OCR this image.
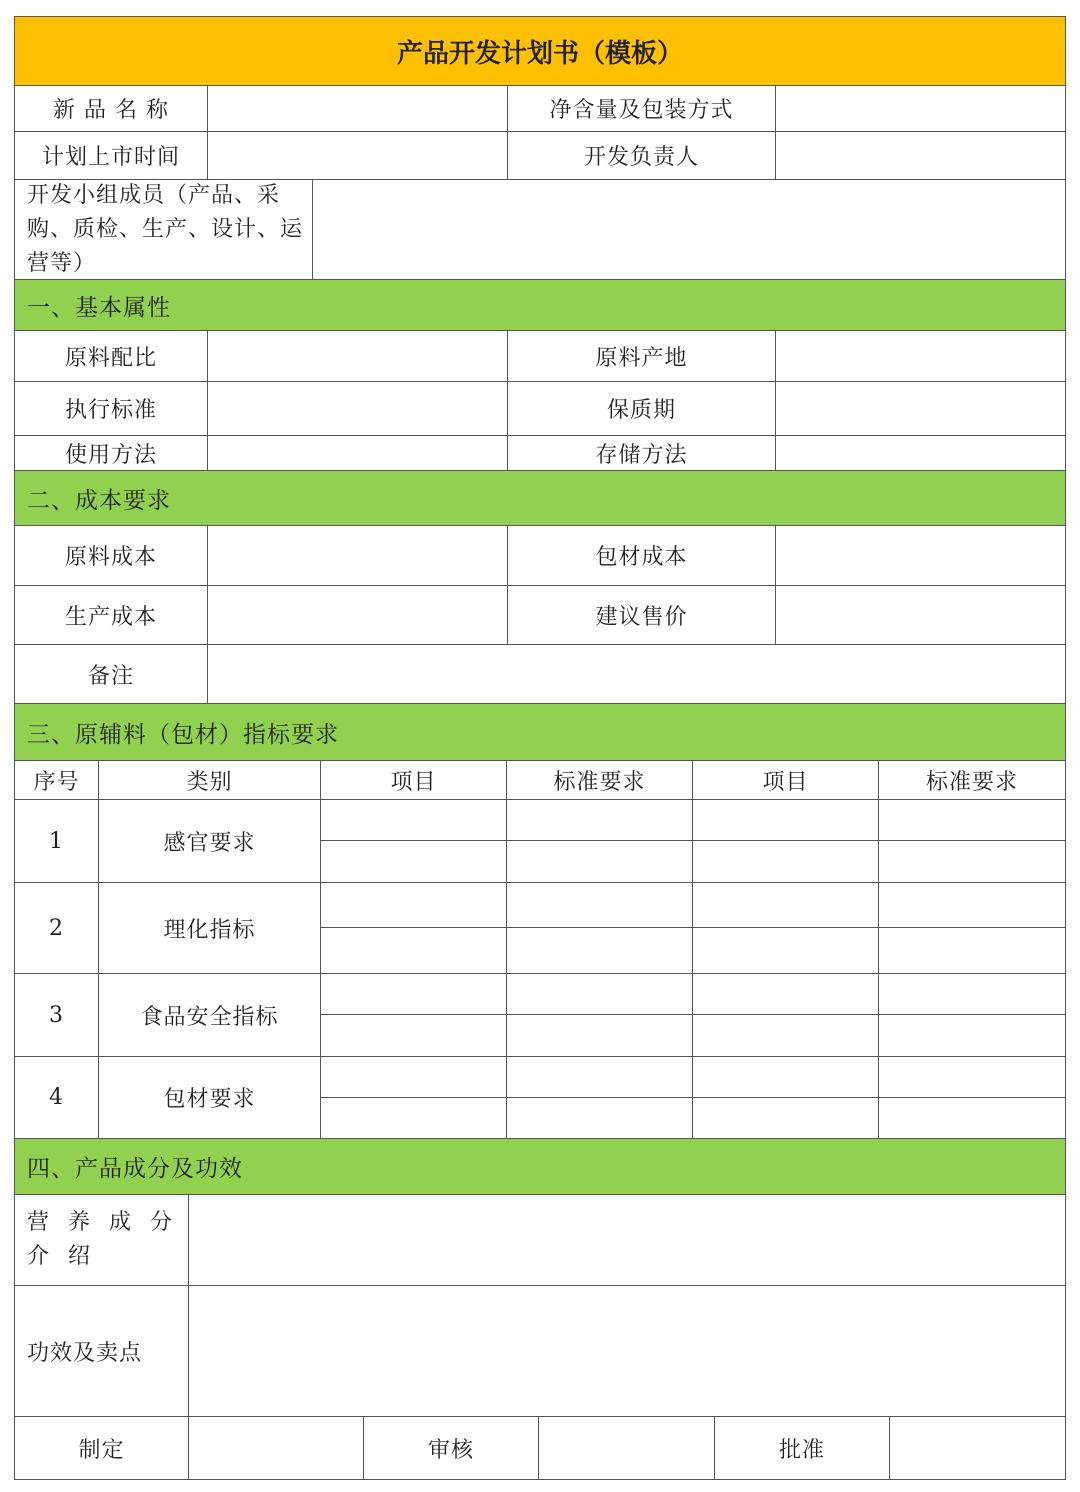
产品开发计划书（模板）
新 品 名 称	净含量及包装方式
计划上市时间	开发负责人
开发小组成员（产品、采购、质检、生产、设计、运营等）
一、基本属性
原料配比	原料产地
执行标准	保质期
使用方法	存储方法
二、成本要求
原料成本	包材成本
生产成本	建议售价
备注
三、原辅料（包材）指标要求
序号	类别	项目	标准要求	项目	标准要求
1	感官要求
2	理化指标
3	食品安全指标
4	包材要求
四、产品成分及功效
营 养 成 分 介 绍
功效及卖点
制定	审核	批准
